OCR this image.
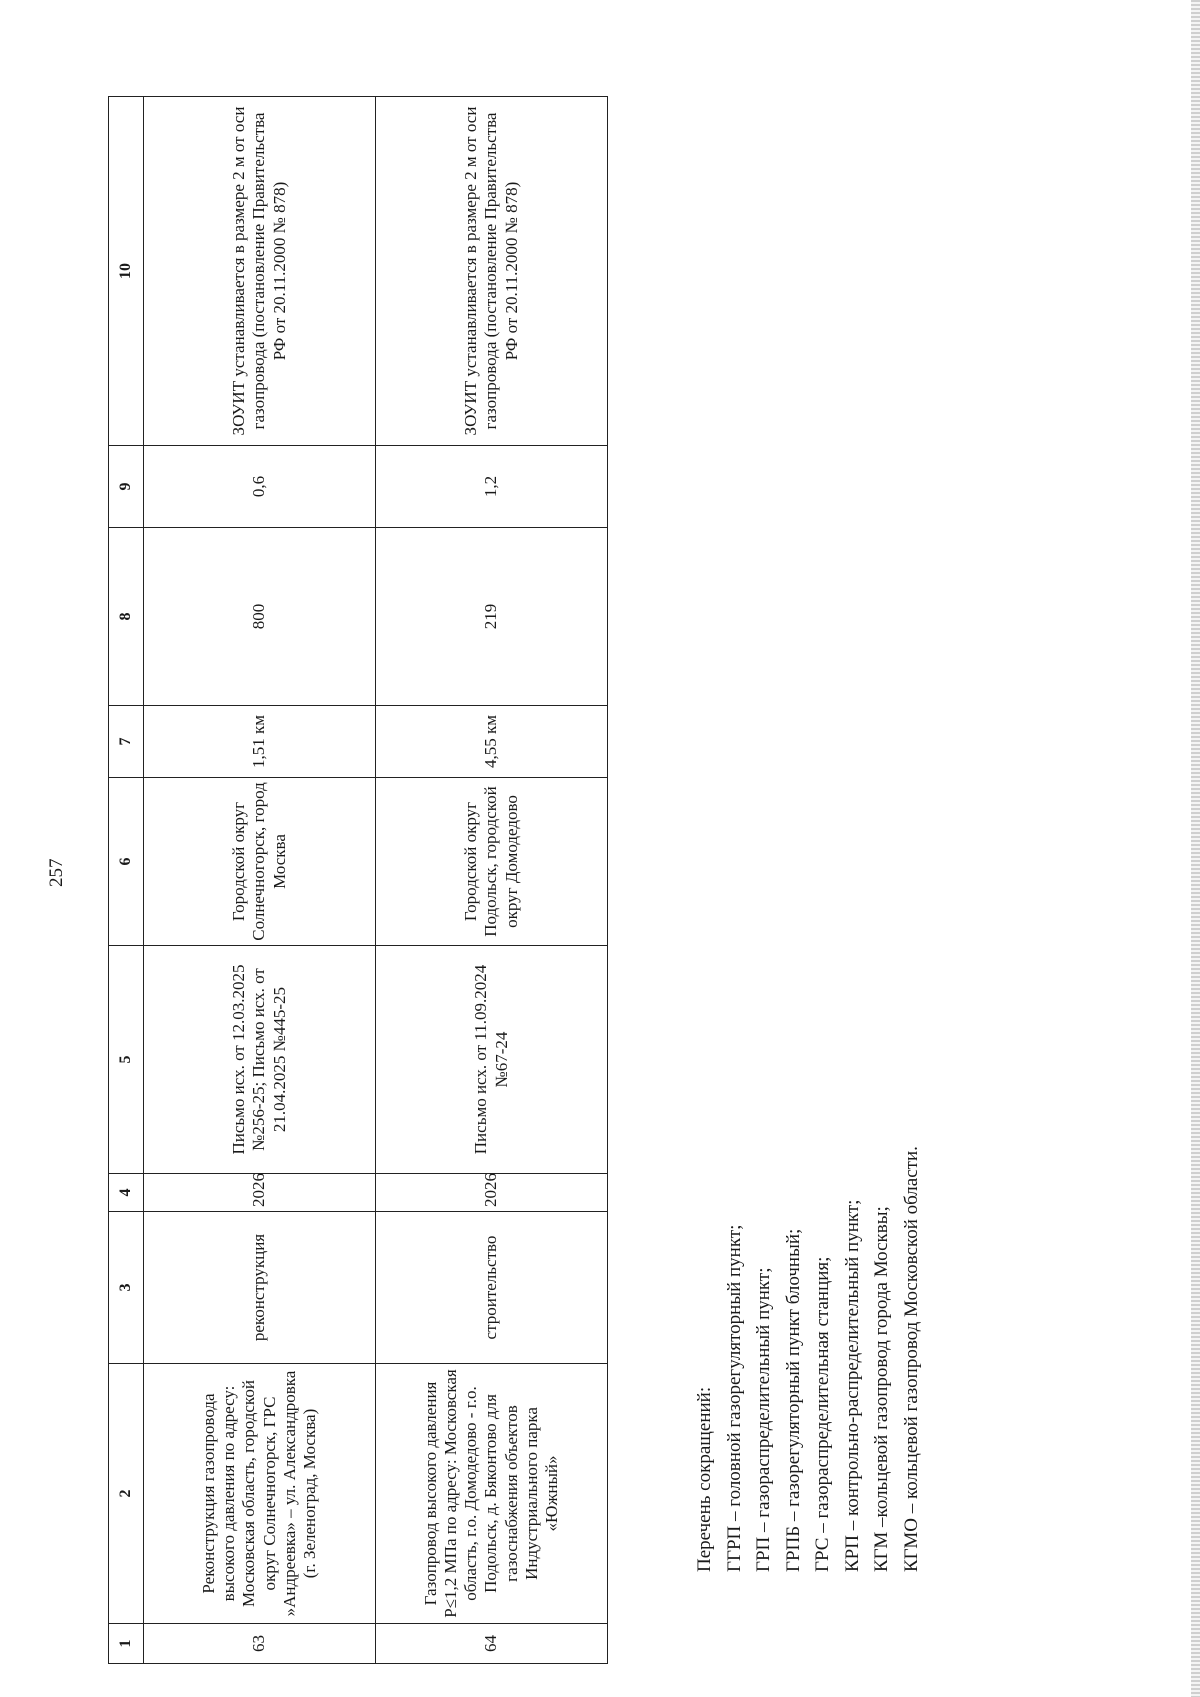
257
1	2	3	4	5	6	7	8	9	10
63	Реконструкция газопровода высокого давления по адресу: Московская область, городской округ Солнечногорск, ГРС »Андреевка» – ул. Александровка (г. Зеленоград, Москва)	реконструкция	2026	Письмо исх. от 12.03.2025 №256-25; Письмо исх. от 21.04.2025 №445-25	Городской округ Солнечногорск, город Москва	1,51 км	800	0,6	ЗОУИТ устанавливается в размере 2 м от оси газопровода (постановление Правительства РФ от 20.11.2000 № 878)
64	Газопровод высокого давления Р≤1,2 МПа по адресу: Московская область, г.о. Домодедово - г.о. Подольск, д. Бяконтово для газоснабжения объектов Индустриального парка «Южный»	строительство	2026	Письмо исх. от 11.09.2024 №67-24	Городской округ Подольск, городской округ Домодедово	4,55 км	219	1,2	ЗОУИТ устанавливается в размере 2 м от оси газопровода (постановление Правительства РФ от 20.11.2000 № 878)
Перечень сокращений: ГГРП – головной газорегуляторный пункт; ГРП – газораспределительный пункт; ГРПБ – газорегуляторный пункт блочный; ГРС – газораспределительная станция; КРП – контрольно-распределительный пункт; КГМ –кольцевой газопровод города Москвы; КГМО – кольцевой газопровод Московской области.
